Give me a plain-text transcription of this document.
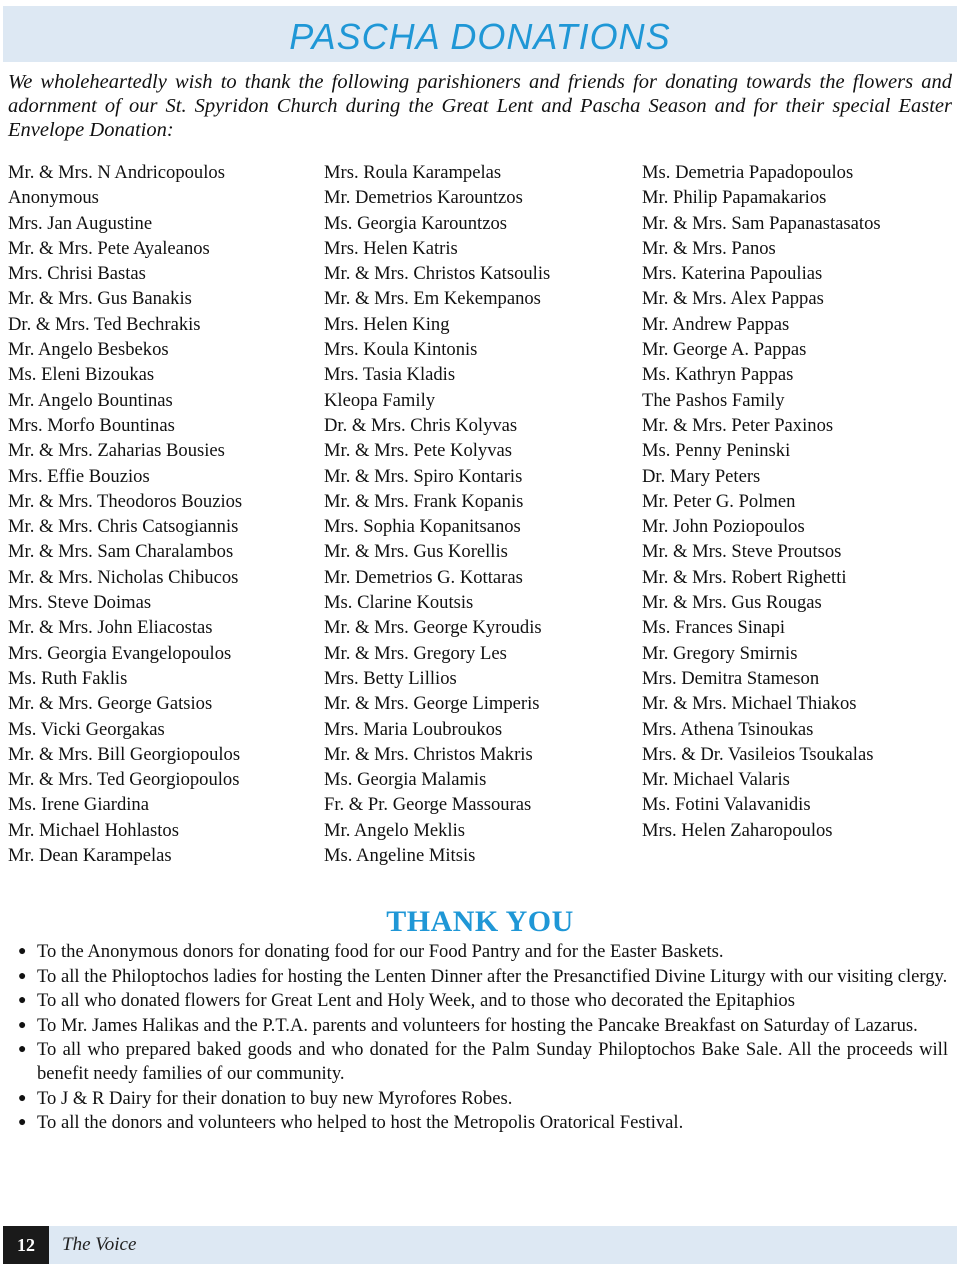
PASCHA DONATIONS

We wholeheartedly wish to thank the following parishioners and friends for donating towards the flowers and adornment of our St. Spyridon Church during the Great Lent and Pascha Season and for their special Easter Envelope Donation:

Mr. & Mrs. N Andricopoulos
Anonymous
Mrs. Jan Augustine
Mr. & Mrs. Pete Ayaleanos
Mrs. Chrisi Bastas
Mr. & Mrs. Gus Banakis
Dr. & Mrs. Ted Bechrakis
Mr. Angelo Besbekos
Ms. Eleni Bizoukas
Mr. Angelo Bountinas
Mrs. Morfo Bountinas
Mr. & Mrs. Zaharias Bousies
Mrs. Effie Bouzios
Mr. & Mrs. Theodoros Bouzios
Mr. & Mrs. Chris Catsogiannis
Mr. & Mrs. Sam Charalambos
Mr. & Mrs. Nicholas Chibucos
Mrs. Steve Doimas
Mr. & Mrs. John Eliacostas
Mrs. Georgia Evangelopoulos
Ms. Ruth Faklis
Mr. & Mrs. George Gatsios
Ms. Vicki Georgakas
Mr. & Mrs. Bill Georgiopoulos
Mr. & Mrs. Ted Georgiopoulos
Ms. Irene Giardina
Mr. Michael Hohlastos
Mr. Dean Karampelas
Mrs. Roula Karampelas
Mr. Demetrios Karountzos
Ms. Georgia Karountzos
Mrs. Helen Katris
Mr. & Mrs. Christos Katsoulis
Mr. & Mrs. Em Kekempanos
Mrs. Helen King
Mrs. Koula Kintonis
Mrs. Tasia Kladis
Kleopa Family
Dr. & Mrs. Chris Kolyvas
Mr. & Mrs. Pete Kolyvas
Mr. & Mrs. Spiro Kontaris
Mr. & Mrs. Frank Kopanis
Mrs. Sophia Kopanitsanos
Mr. & Mrs. Gus Korellis
Mr. Demetrios G. Kottaras
Ms. Clarine Koutsis
Mr. & Mrs. George Kyroudis
Mr. & Mrs. Gregory Les
Mrs. Betty Lillios
Mr. & Mrs. George Limperis
Mrs. Maria Loubroukos
Mr. & Mrs. Christos Makris
Ms. Georgia Malamis
Fr. & Pr. George Massouras
Mr. Angelo Meklis
Ms. Angeline Mitsis
Ms. Demetria Papadopoulos
Mr. Philip Papamakarios
Mr. & Mrs. Sam Papanastasatos
Mr. & Mrs. Panos
Mrs. Katerina Papoulias
Mr. & Mrs. Alex Pappas
Mr. Andrew Pappas
Mr. George A. Pappas
Ms. Kathryn Pappas
The Pashos Family
Mr. & Mrs. Peter Paxinos
Ms. Penny Peninski
Dr. Mary Peters
Mr. Peter G. Polmen
Mr. John Poziopoulos
Mr. & Mrs. Steve Proutsos
Mr. & Mrs. Robert Righetti
Mr. & Mrs. Gus Rougas
Ms. Frances Sinapi
Mr. Gregory Smirnis
Mrs. Demitra Stameson
Mr. & Mrs. Michael Thiakos
Mrs. Athena Tsinoukas
Mrs. & Dr. Vasileios Tsoukalas
Mr. Michael Valaris
Ms. Fotini Valavanidis
Mrs. Helen Zaharopoulos
THANK YOU
● To the Anonymous donors for donating food for our Food Pantry and for the Easter Baskets.
● To all the Philoptochos ladies for hosting the Lenten Dinner after the Presanctified Divine Liturgy with our visiting clergy.
● To all who donated flowers for Great Lent and Holy Week, and to those who decorated the Epitaphios
● To Mr. James Halikas and the P.T.A. parents and volunteers for hosting the Pancake Breakfast on Saturday of Lazarus.
● To all who prepared baked goods and who donated for the Palm Sunday Philoptochos Bake Sale. All the proceeds will benefit needy families of our community.
● To J & R Dairy for their donation to buy new Myrofores Robes.
● To all the donors and volunteers who helped to host the Metropolis Oratorical Festival.
12	The Voice
